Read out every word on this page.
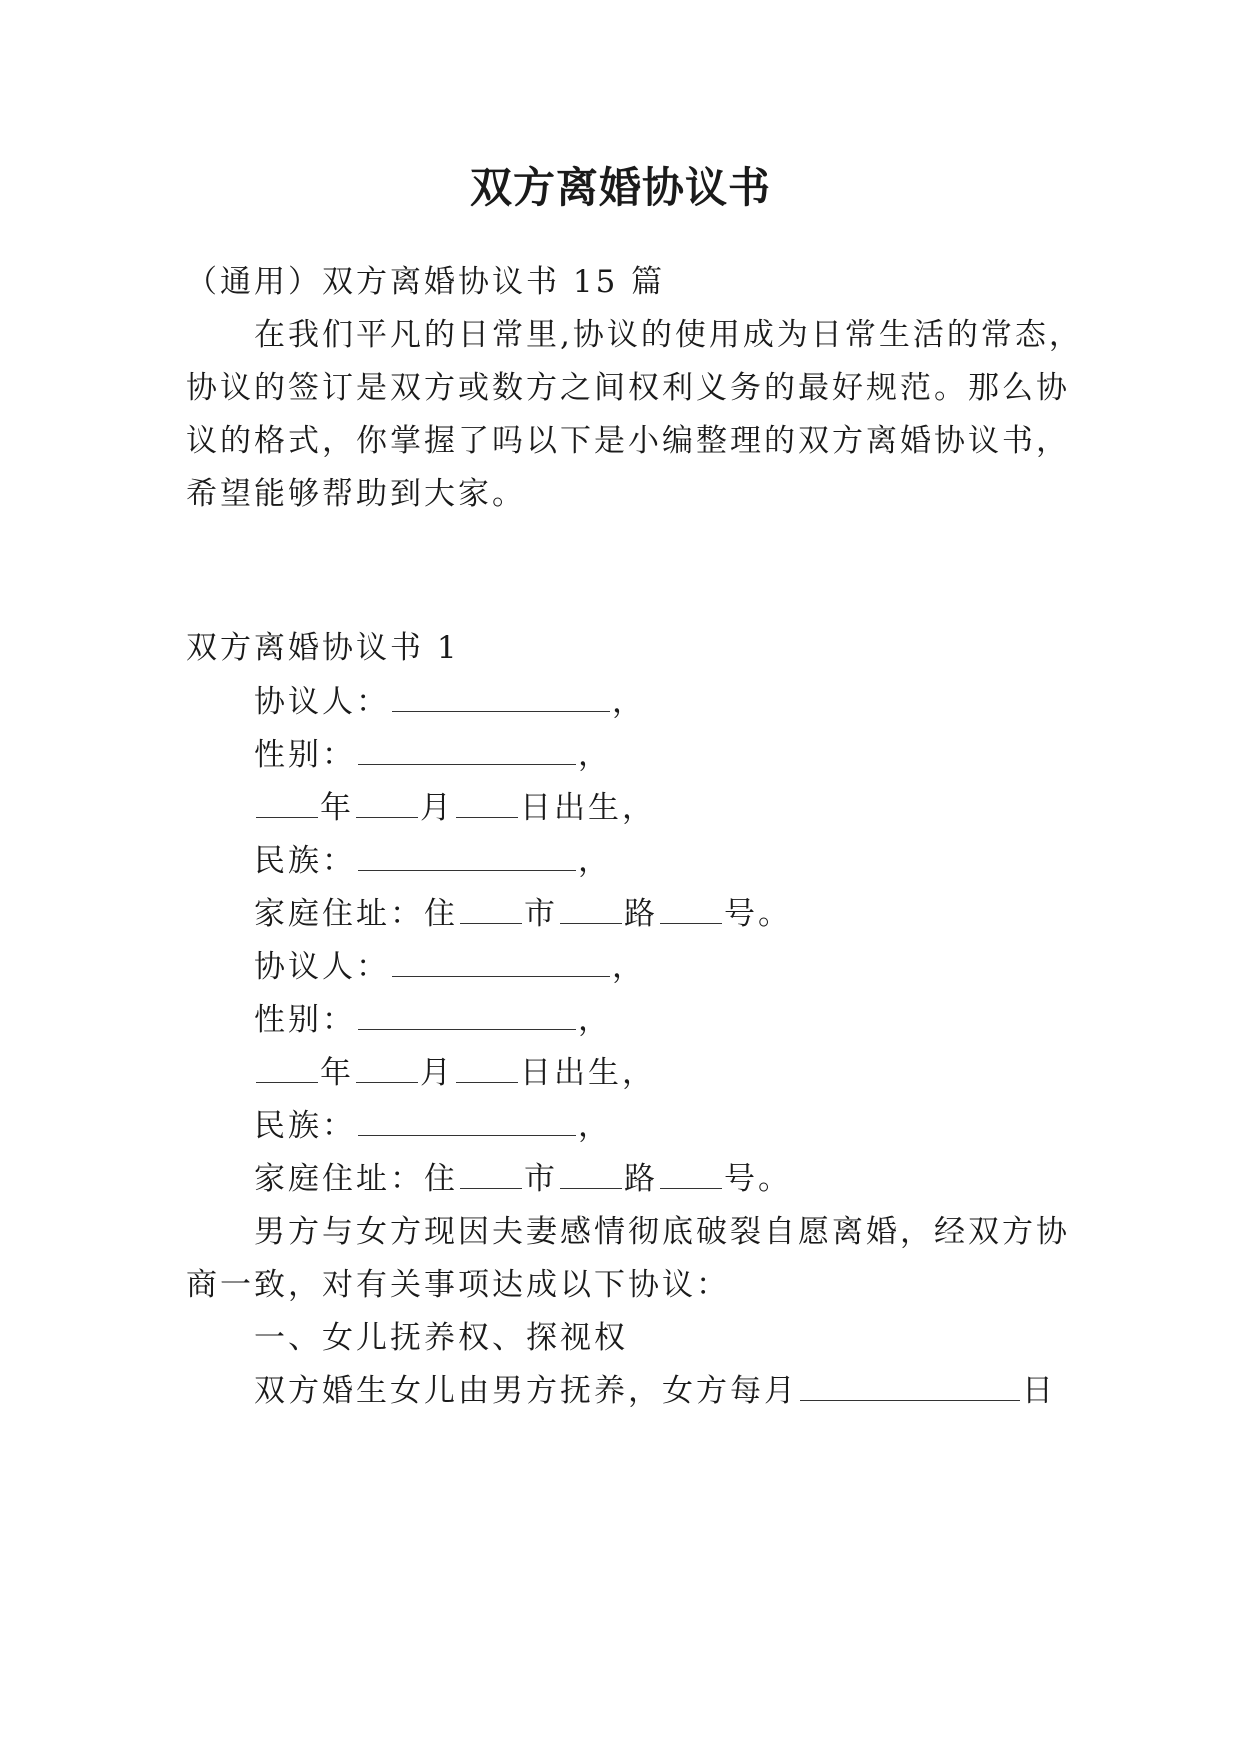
双方离婚协议书
（通用）双方离婚协议书 15 篇
在我们平凡的日常里,协议的使用成为日常生活的常态，
协议的签订是双方或数方之间权利义务的最好规范。那么协
议的格式，你掌握了吗以下是小编整理的双方离婚协议书，
希望能够帮助到大家。
双方离婚协议书 1
协议人：	，
性别：	，
年 月 日出生，
民族：	，
家庭住址：住 市 路 号。
协议人：	，
性别：	，
年 月 日出生，
民族：	，
家庭住址：住 市 路 号。
男方与女方现因夫妻感情彻底破裂自愿离婚，经双方协
商一致，对有关事项达成以下协议：
一、女儿抚养权、探视权
双方婚生女儿由男方抚养，女方每月	日
